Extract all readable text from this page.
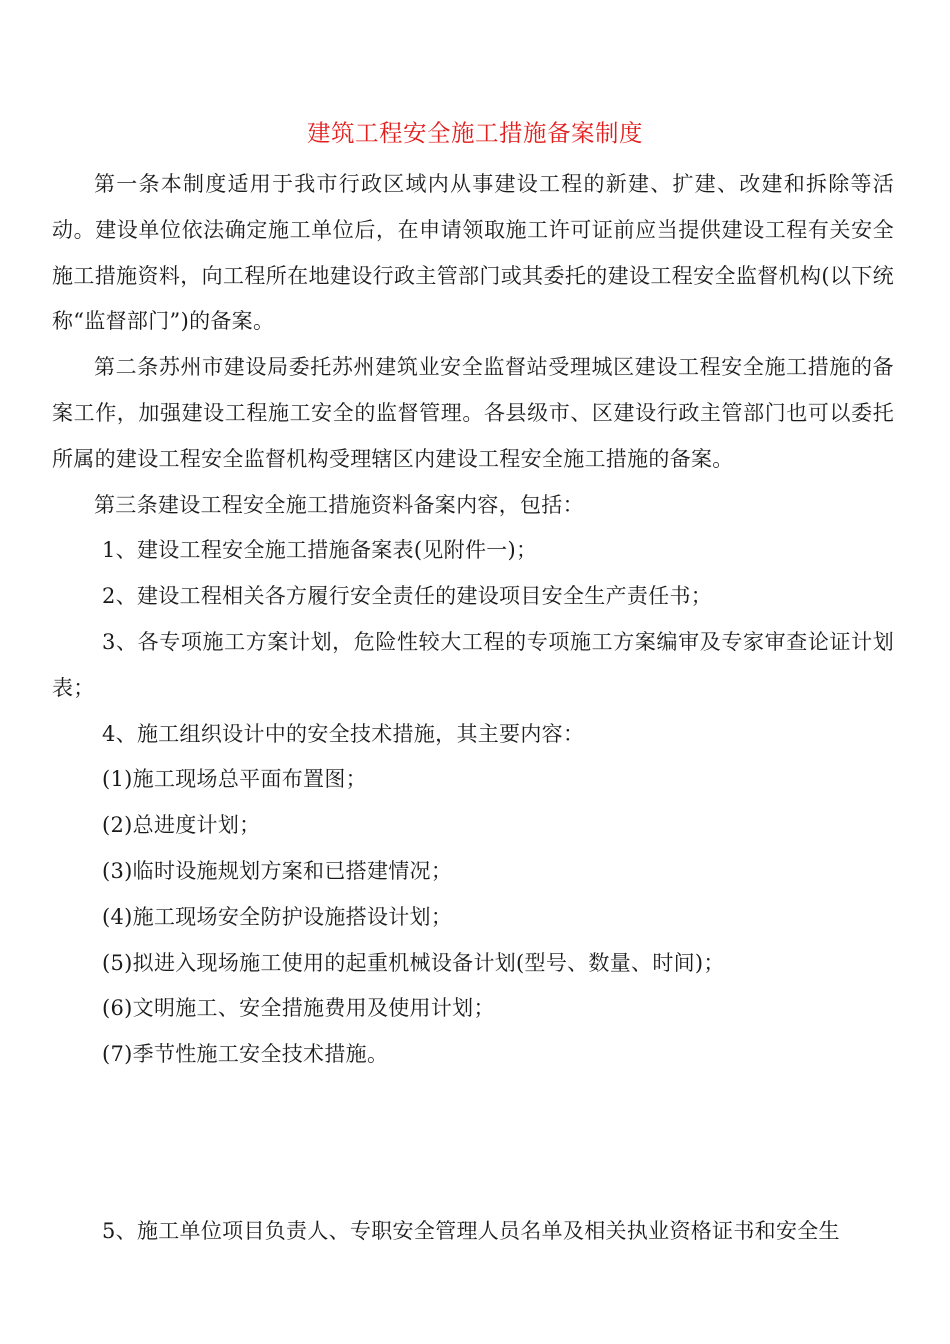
建筑工程安全施工措施备案制度

第一条本制度适用于我市行政区域内从事建设工程的新建、扩建、改建和拆除等活动。建设单位依法确定施工单位后，在申请领取施工许可证前应当提供建设工程有关安全施工措施资料，向工程所在地建设行政主管部门或其委托的建设工程安全监督机构(以下统称“监督部门”)的备案。

第二条苏州市建设局委托苏州建筑业安全监督站受理城区建设工程安全施工措施的备案工作，加强建设工程施工安全的监督管理。各县级市、区建设行政主管部门也可以委托所属的建设工程安全监督机构受理辖区内建设工程安全施工措施的备案。

第三条建设工程安全施工措施资料备案内容，包括：

1、建设工程安全施工措施备案表(见附件一)；

2、建设工程相关各方履行安全责任的建设项目安全生产责任书；

3、各专项施工方案计划，危险性较大工程的专项施工方案编审及专家审查论证计划表；

4、施工组织设计中的安全技术措施，其主要内容：

(1)施工现场总平面布置图；

(2)总进度计划；

(3)临时设施规划方案和已搭建情况；

(4)施工现场安全防护设施搭设计划；

(5)拟进入现场施工使用的起重机械设备计划(型号、数量、时间)；

(6)文明施工、安全措施费用及使用计划；

(7)季节性施工安全技术措施。

5、施工单位项目负责人、专职安全管理人员名单及相关执业资格证书和安全生
